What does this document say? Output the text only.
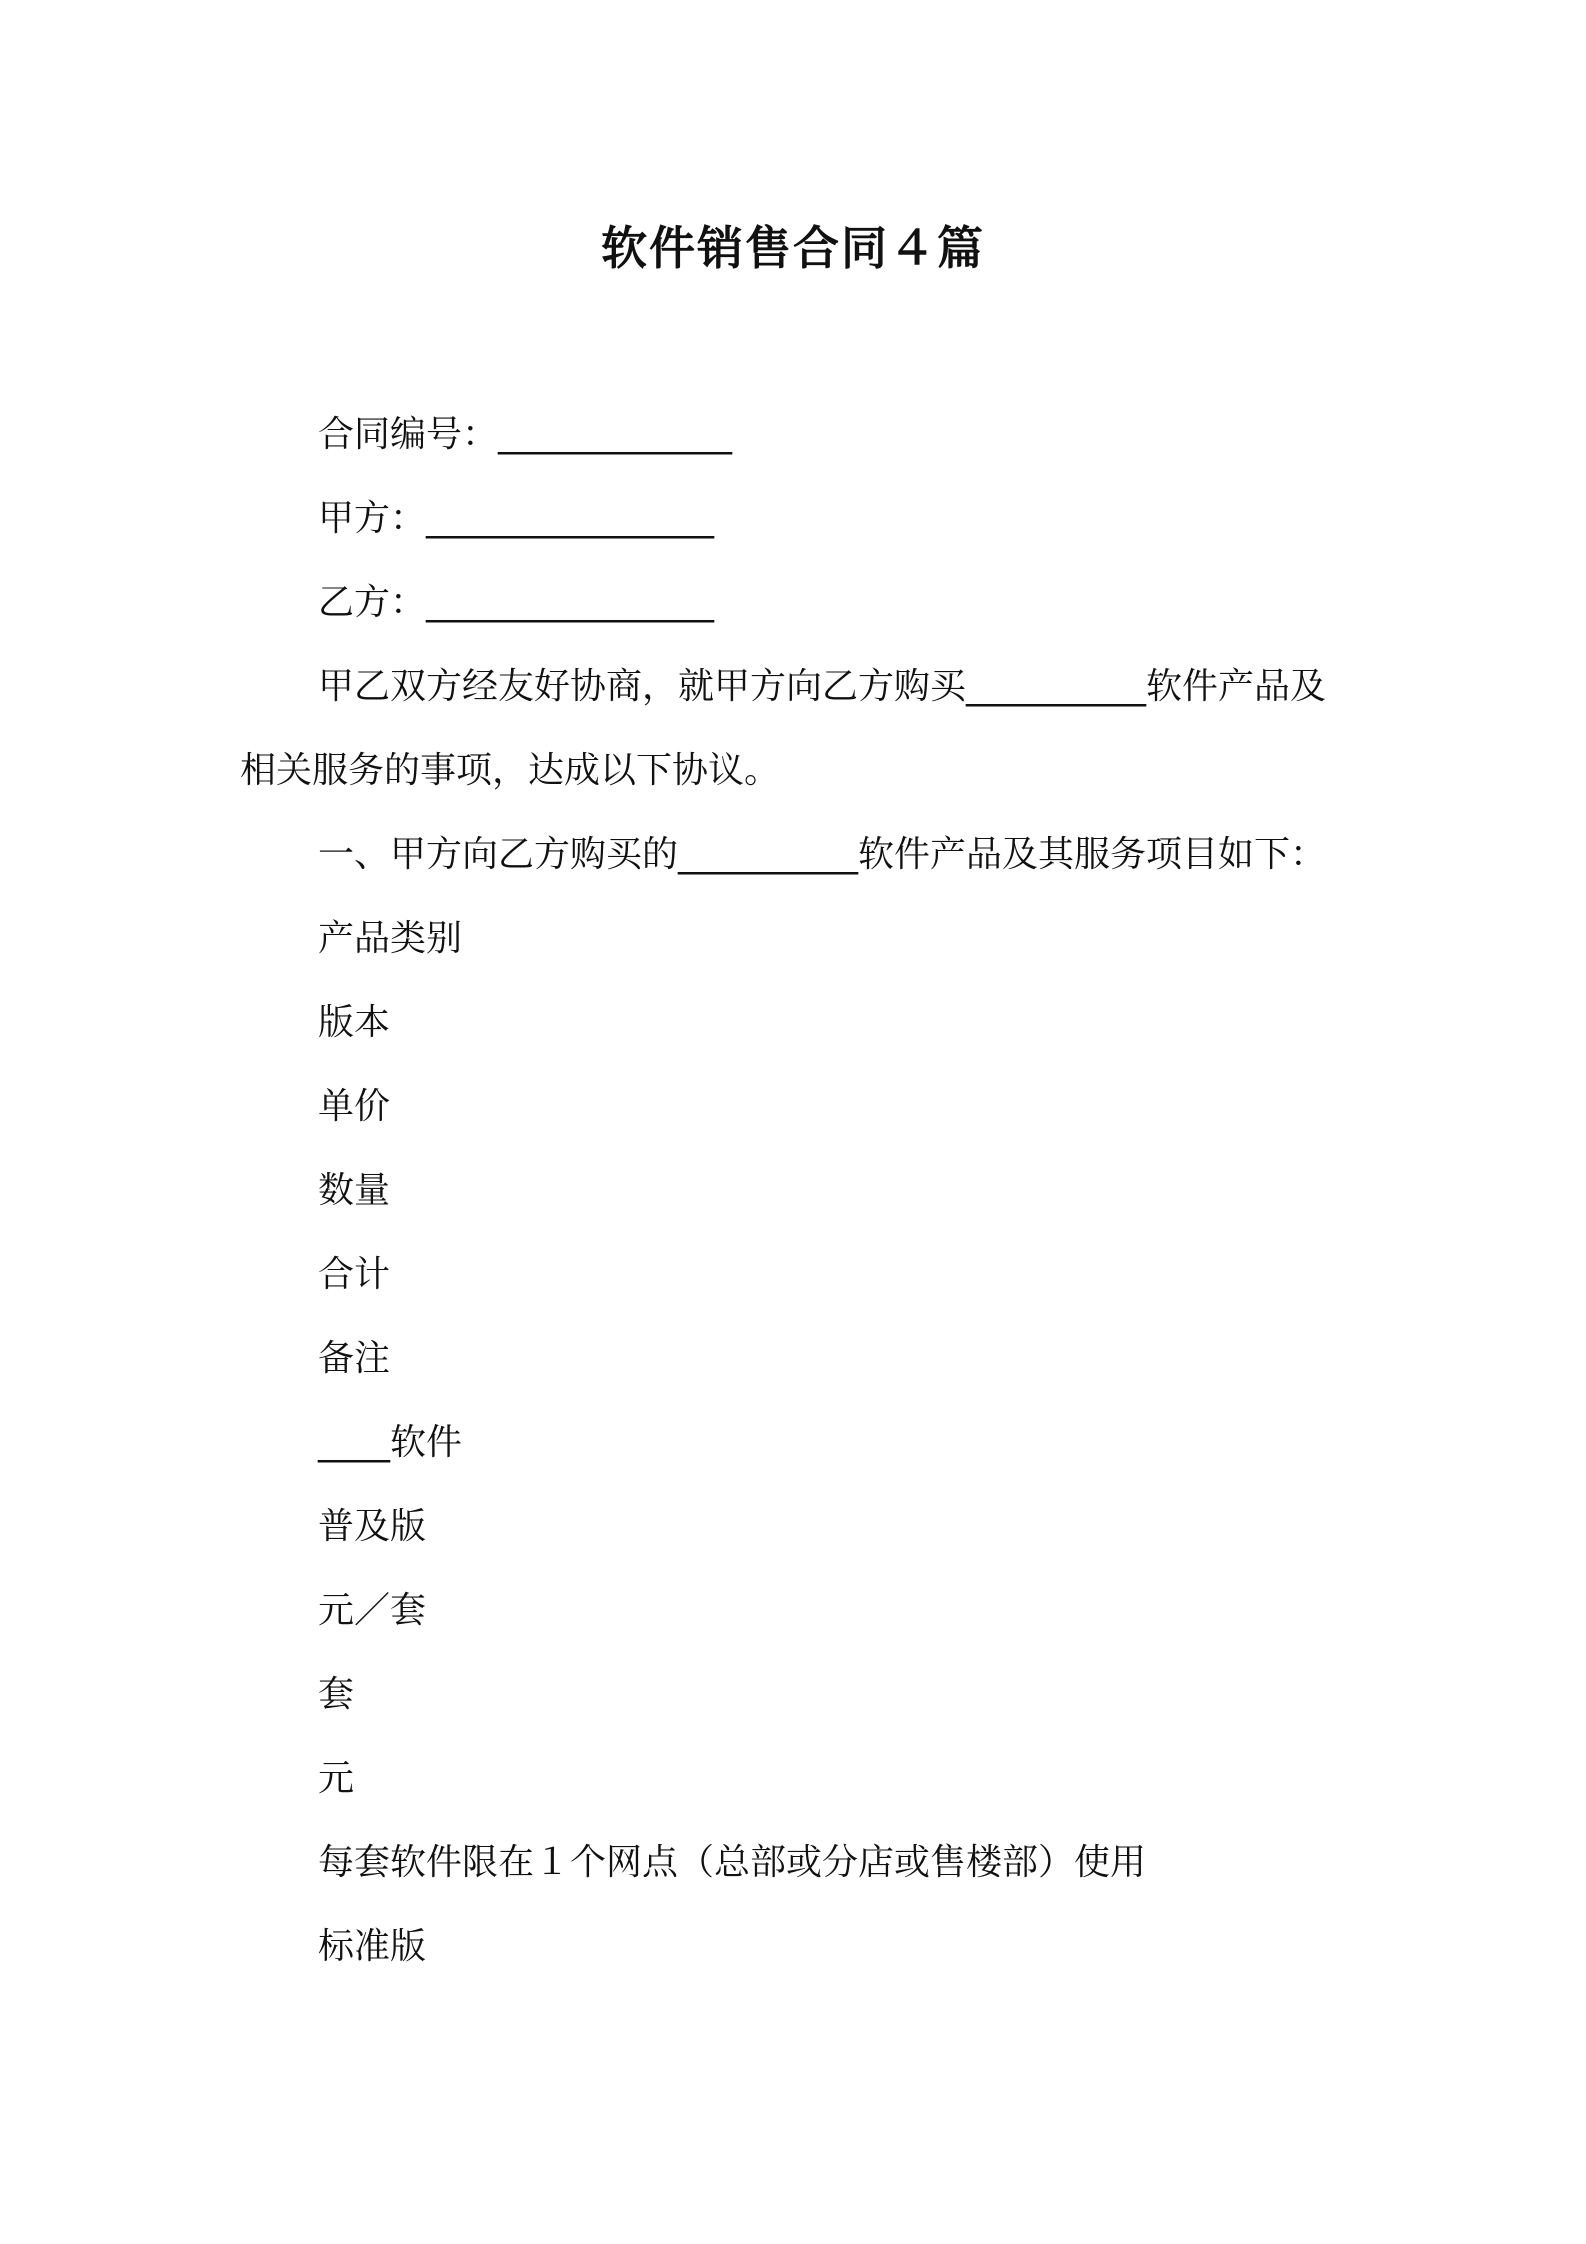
软件销售合同４篇
合同编号：_____________
甲方：________________
乙方：________________
甲乙双方经友好协商，就甲方向乙方购买__________软件产品及
相关服务的事项，达成以下协议。
一、甲方向乙方购买的__________软件产品及其服务项目如下：
产品类别
版本
单价
数量
合计
备注
____软件
普及版
元／套
套
元
每套软件限在１个网点（总部或分店或售楼部）使用
标准版
